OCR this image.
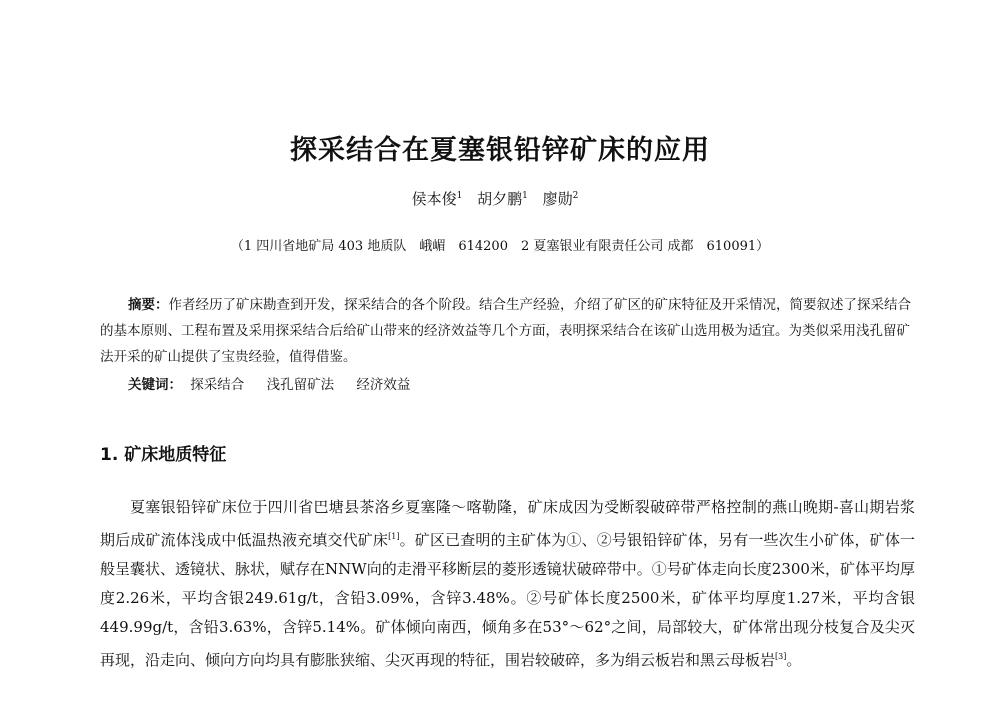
探采结合在夏塞银铅锌矿床的应用
侯本俊$^1$ 胡夕鹏$^1$ 廖勋$^2$
（1 四川省地矿局 403 地质队　峨嵋　614200　2 夏塞银业有限责任公司 成都　610091）
摘要：作者经历了矿床勘查到开发，探采结合的各个阶段。结合生产经验，介绍了矿区的矿床特征及开采情况，简要叙述了探采结合的基本原则、工程布置及采用探采结合后给矿山带来的经济效益等几个方面，表明探采结合在该矿山选用极为适宜。为类似采用浅孔留矿法开采的矿山提供了宝贵经验，值得借鉴。
关键词： 探采结合 浅孔留矿法 经济效益
1. 矿床地质特征

夏塞银铅锌矿床位于四川省巴塘县茶洛乡夏塞隆～喀勒隆，矿床成因为受断裂破碎带严格控制的燕山晚期-喜山期岩浆期后成矿流体浅成中低温热液充填交代矿床[1]。矿区已查明的主矿体为①、②号银铅锌矿体，另有一些次生小矿体，矿体一般呈囊状、透镜状、脉状，赋存在NNW向的走滑平移断层的菱形透镜状破碎带中。①号矿体走向长度2300米，矿体平均厚度2.26米，平均含银249.61g/t，含铅3.09%，含锌3.48%。②号矿体长度2500米，矿体平均厚度1.27米，平均含银449.99g/t，含铅3.63%，含锌5.14%。矿体倾向南西，倾角多在53°～62°之间，局部较大，矿体常出现分枝复合及尖灭再现，沿走向、倾向方向均具有膨胀狭缩、尖灭再现的特征，围岩较破碎，多为绢云板岩和黑云母板岩[3]。
